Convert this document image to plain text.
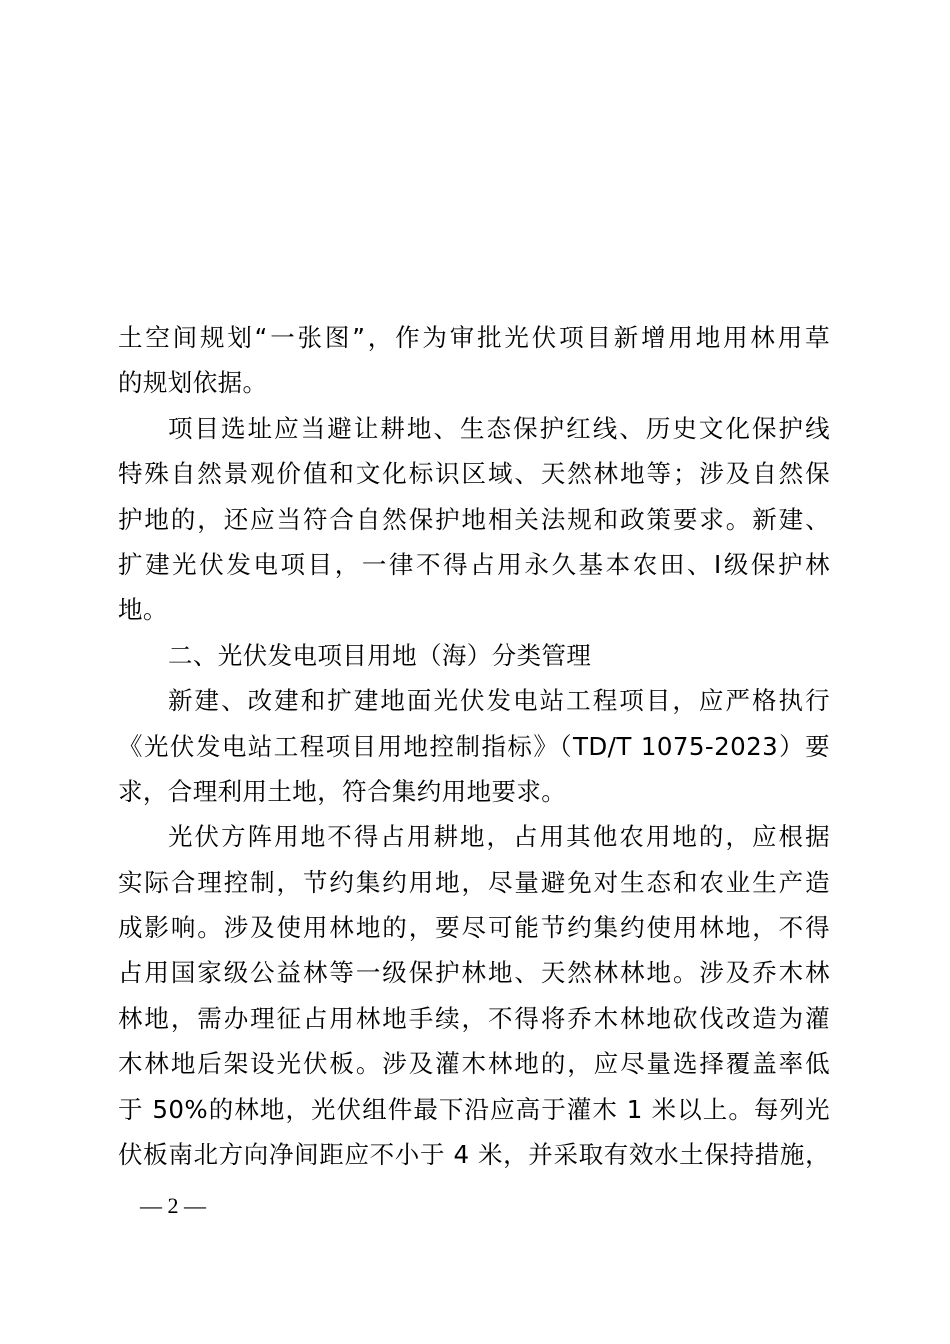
土空间规划“一张图”，作为审批光伏项目新增用地用林用草
的规划依据。
项目选址应当避让耕地、生态保护红线、历史文化保护线
特殊自然景观价值和文化标识区域、天然林地等；涉及自然保
护地的，还应当符合自然保护地相关法规和政策要求。新建、
扩建光伏发电项目，一律不得占用永久基本农田、Ⅰ级保护林
地。
二、光伏发电项目用地（海）分类管理
新建、改建和扩建地面光伏发电站工程项目，应严格执行
《光伏发电站工程项目用地控制指标》（TD/T 1075-2023）要
求，合理利用土地，符合集约用地要求。
光伏方阵用地不得占用耕地，占用其他农用地的，应根据
实际合理控制，节约集约用地，尽量避免对生态和农业生产造
成影响。涉及使用林地的，要尽可能节约集约使用林地，不得
占用国家级公益林等一级保护林地、天然林林地。涉及乔木林
林地，需办理征占用林地手续，不得将乔木林地砍伐改造为灌
木林地后架设光伏板。涉及灌木林地的，应尽量选择覆盖率低
于 50%的林地，光伏组件最下沿应高于灌木 1 米以上。每列光
伏板南北方向净间距应不小于 4 米，并采取有效水土保持措施，
— 2 —
